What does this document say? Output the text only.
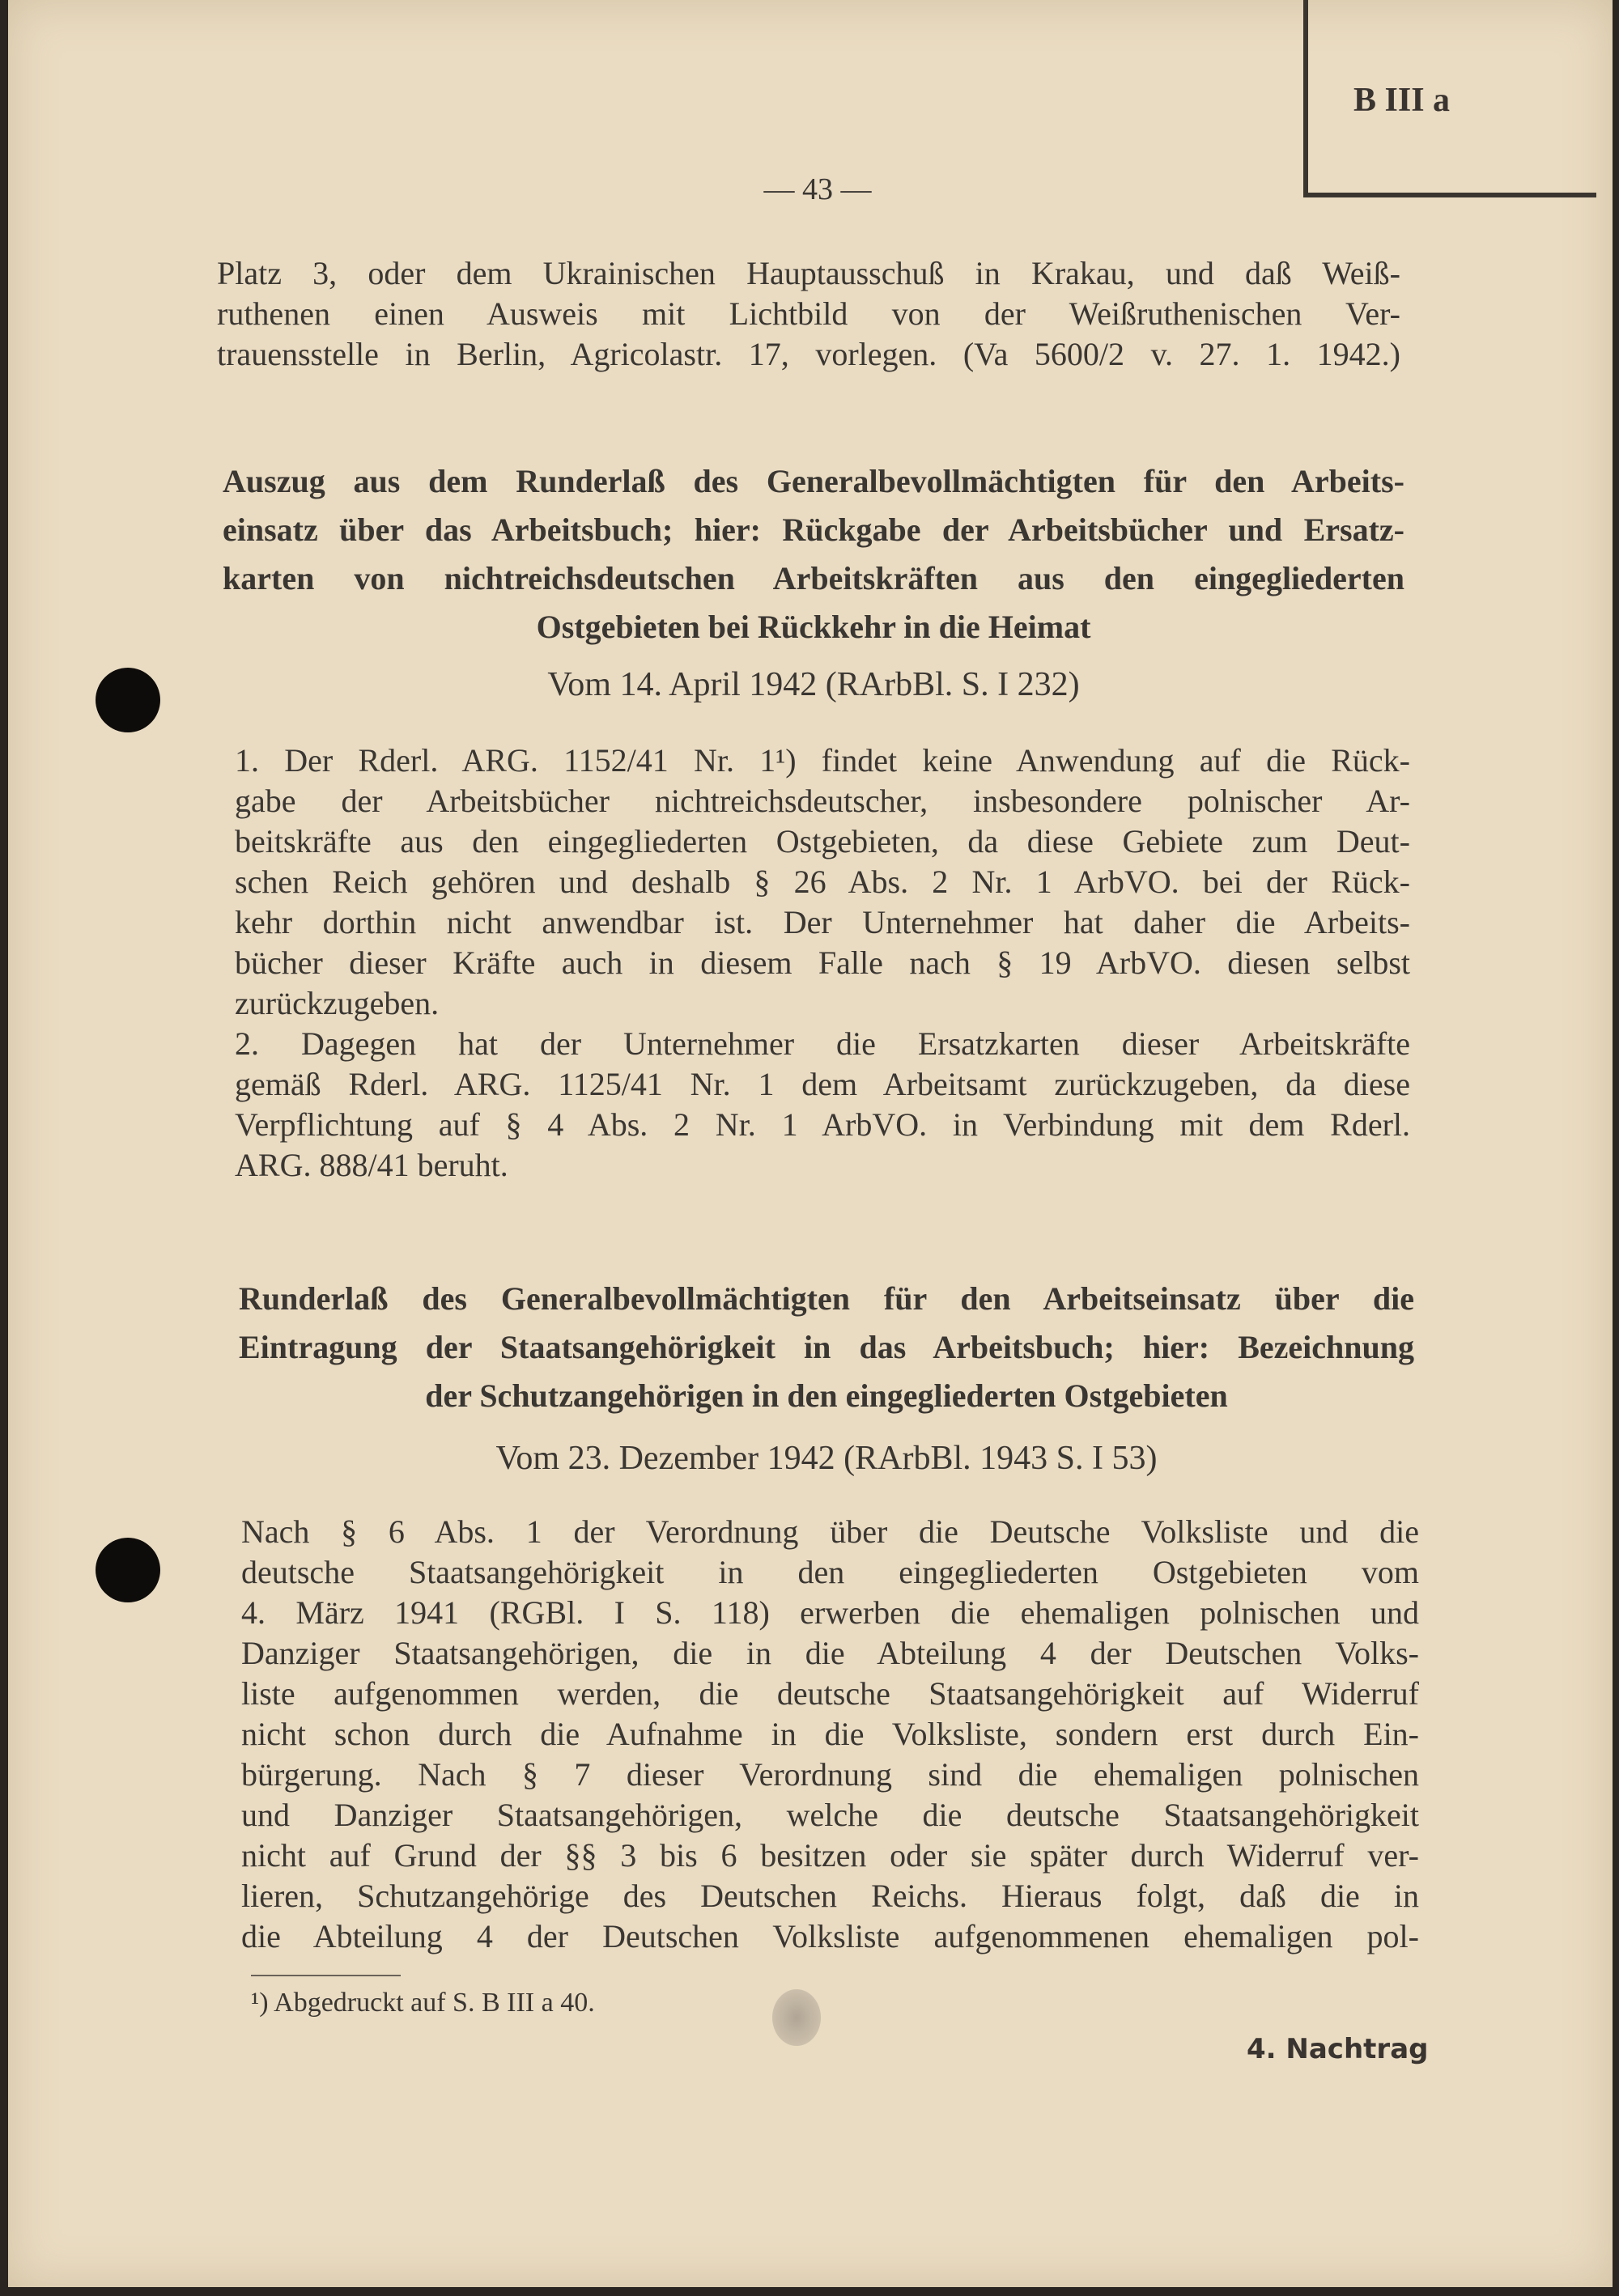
B III a
— 43 —
Platz 3, oder dem Ukrainischen Hauptausschuß in Krakau, und daß Weiß-
ruthenen einen Ausweis mit Lichtbild von der Weißruthenischen Ver-
trauensstelle in Berlin, Agricolastr. 17, vorlegen. (Va 5600/2 v. 27. 1. 1942.)
Auszug aus dem Runderlaß des Generalbevollmächtigten für den Arbeits-
einsatz über das Arbeitsbuch; hier: Rückgabe der Arbeitsbücher und Ersatz-
karten von nichtreichsdeutschen Arbeitskräften aus den eingegliederten
Ostgebieten bei Rückkehr in die Heimat
Vom 14. April 1942 (RArbBl. S. I 232)
1. Der Rderl. ARG. 1152/41 Nr. 1¹) findet keine Anwendung auf die Rück-
gabe der Arbeitsbücher nichtreichsdeutscher, insbesondere polnischer Ar-
beitskräfte aus den eingegliederten Ostgebieten, da diese Gebiete zum Deut-
schen Reich gehören und deshalb § 26 Abs. 2 Nr. 1 ArbVO. bei der Rück-
kehr dorthin nicht anwendbar ist. Der Unternehmer hat daher die Arbeits-
bücher dieser Kräfte auch in diesem Falle nach § 19 ArbVO. diesen selbst
zurückzugeben.
2. Dagegen hat der Unternehmer die Ersatzkarten dieser Arbeitskräfte
gemäß Rderl. ARG. 1125/41 Nr. 1 dem Arbeitsamt zurückzugeben, da diese
Verpflichtung auf § 4 Abs. 2 Nr. 1 ArbVO. in Verbindung mit dem Rderl.
ARG. 888/41 beruht.
Runderlaß des Generalbevollmächtigten für den Arbeitseinsatz über die
Eintragung der Staatsangehörigkeit in das Arbeitsbuch; hier: Bezeichnung
der Schutzangehörigen in den eingegliederten Ostgebieten
Vom 23. Dezember 1942 (RArbBl. 1943 S. I 53)
Nach § 6 Abs. 1 der Verordnung über die Deutsche Volksliste und die
deutsche Staatsangehörigkeit in den eingegliederten Ostgebieten vom
4. März 1941 (RGBl. I S. 118) erwerben die ehemaligen polnischen und
Danziger Staatsangehörigen, die in die Abteilung 4 der Deutschen Volks-
liste aufgenommen werden, die deutsche Staatsangehörigkeit auf Widerruf
nicht schon durch die Aufnahme in die Volksliste, sondern erst durch Ein-
bürgerung. Nach § 7 dieser Verordnung sind die ehemaligen polnischen
und Danziger Staatsangehörigen, welche die deutsche Staatsangehörigkeit
nicht auf Grund der §§ 3 bis 6 besitzen oder sie später durch Widerruf ver-
lieren, Schutzangehörige des Deutschen Reichs. Hieraus folgt, daß die in
die Abteilung 4 der Deutschen Volksliste aufgenommenen ehemaligen pol-
¹) Abgedruckt auf S. B III a 40.
4. Nachtrag
